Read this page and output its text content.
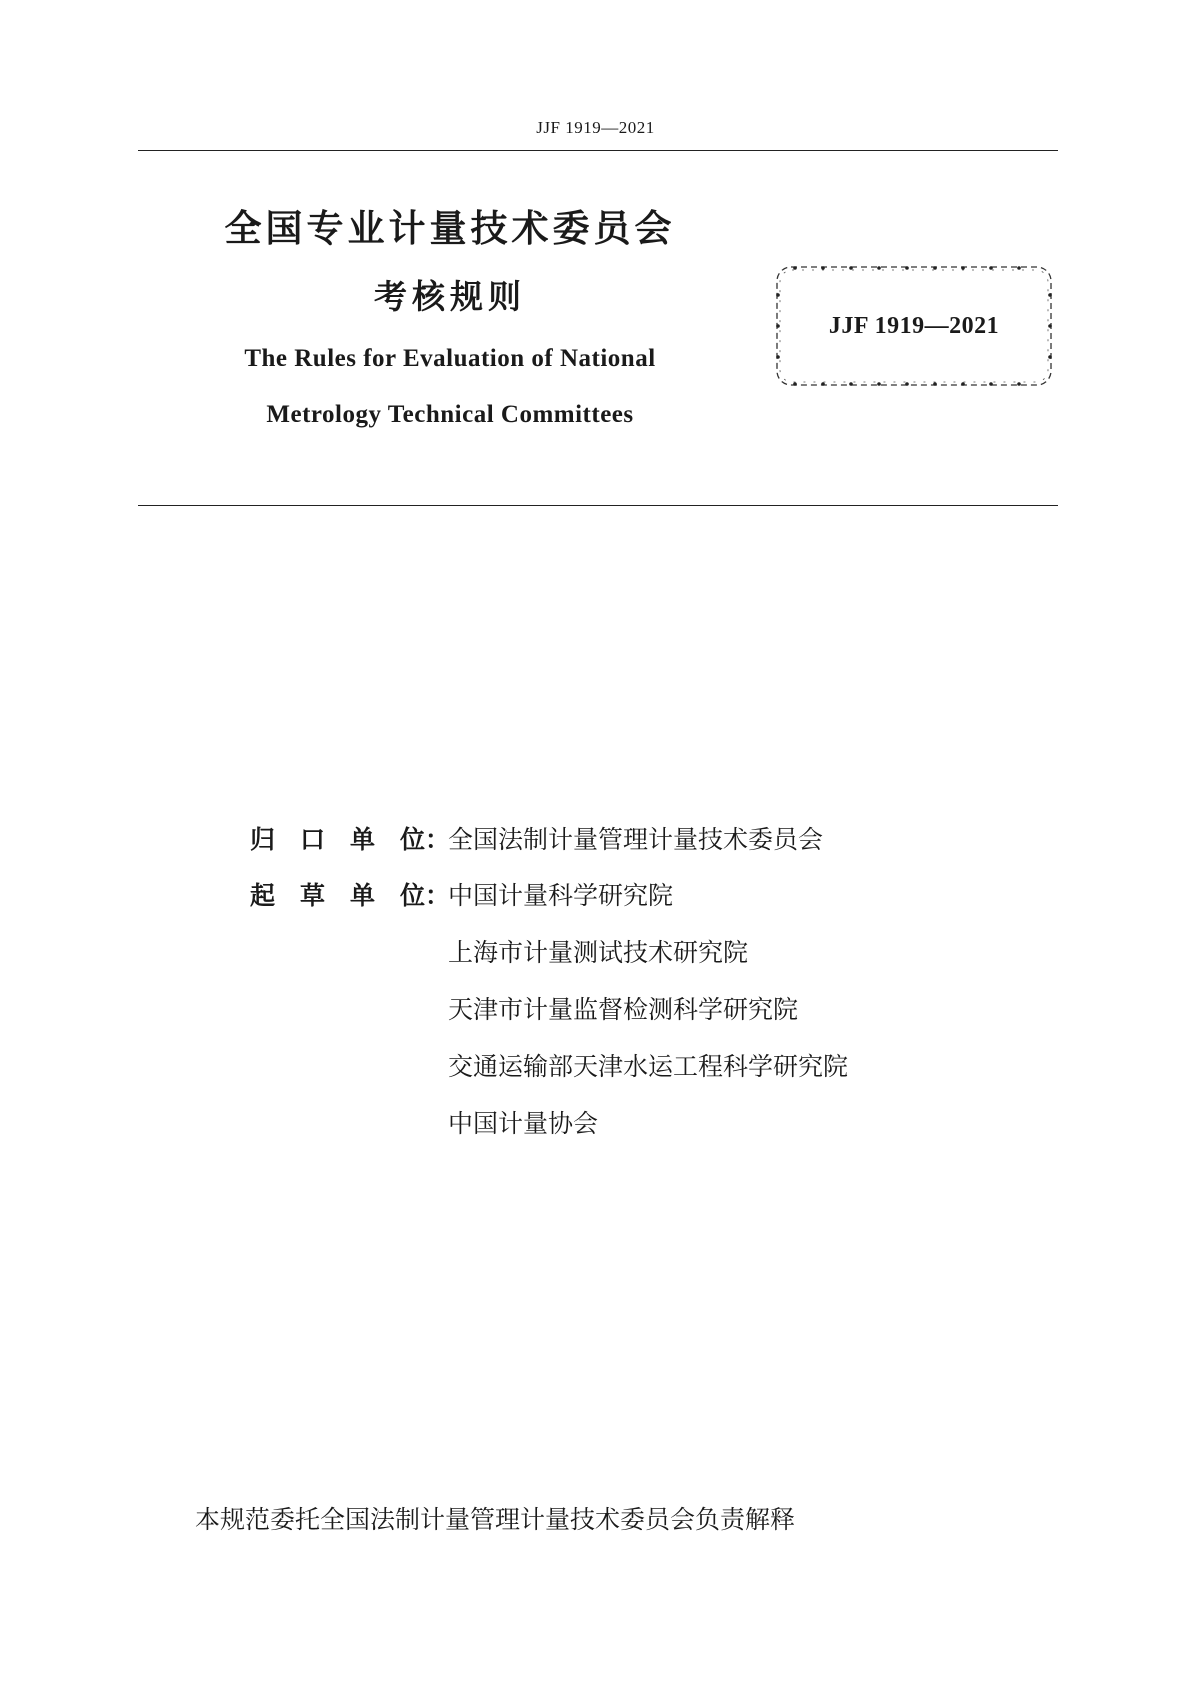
JJF 1919—2021
全国专业计量技术委员会
考核规则
The Rules for Evaluation of National
Metrology Technical Committees
JJF 1919—2021
归 口 单 位：
全国法制计量管理计量技术委员会
起 草 单 位：
中国计量科学研究院
上海市计量测试技术研究院
天津市计量监督检测科学研究院
交通运输部天津水运工程科学研究院
中国计量协会
本规范委托全国法制计量管理计量技术委员会负责解释
